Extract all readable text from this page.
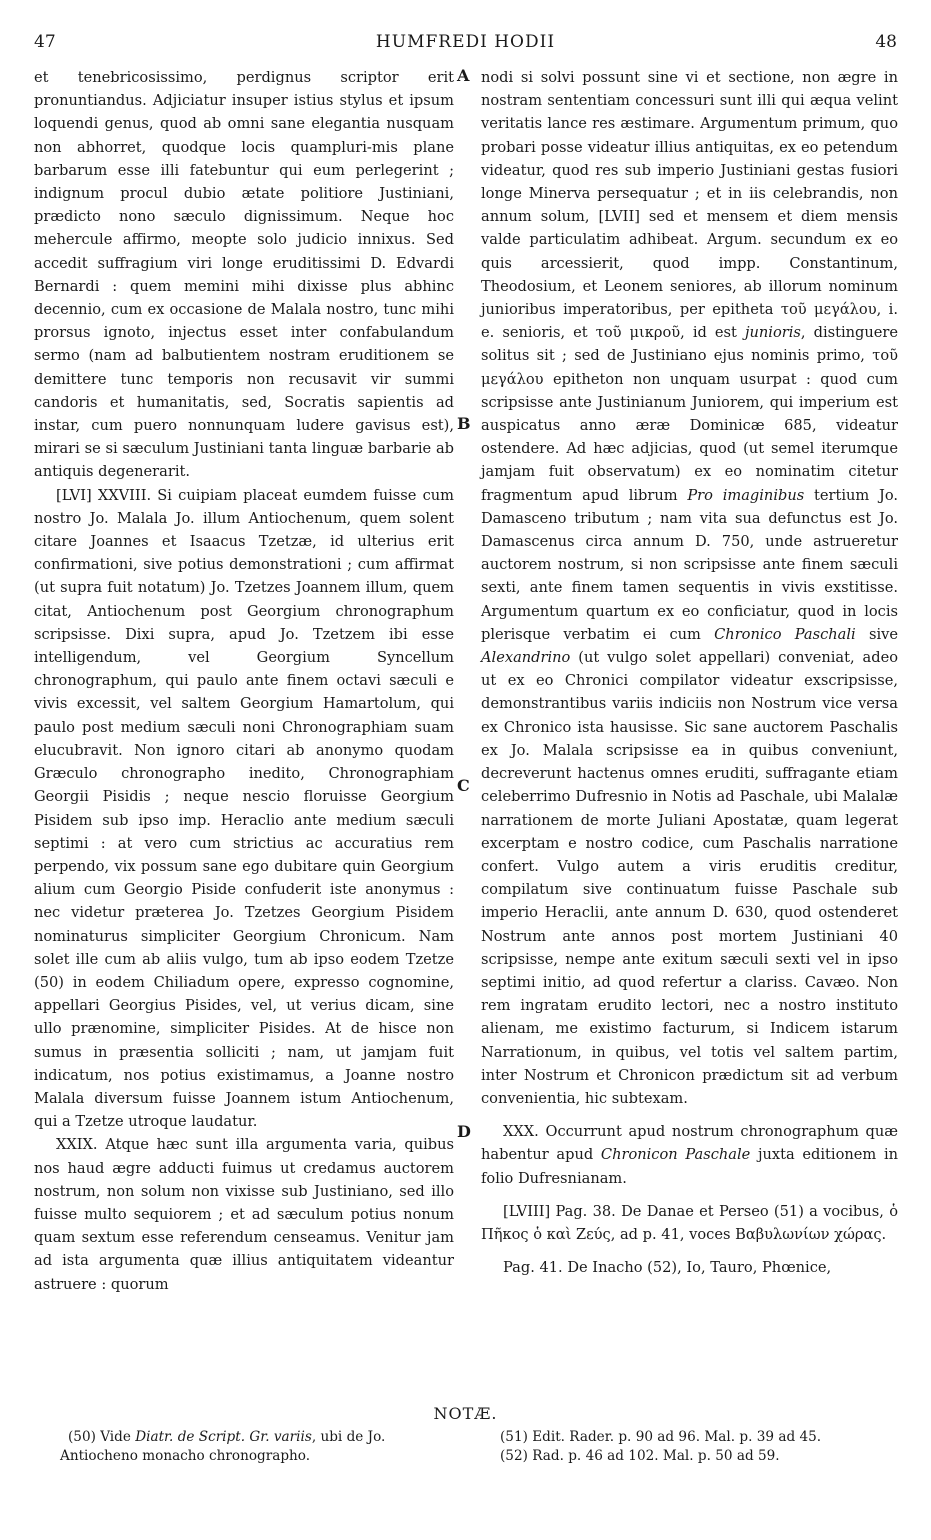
47	HUMFREDI HODII	48

et tenebricosissimo, perdignus scriptor erit pronuntiandus. Adjiciatur insuper istius stylus et ipsum loquendi genus, quod ab omni sane elegantia nusquam non abhorret, quodque locis quampluri-mis plane barbarum esse illi fatebuntur qui eum perlegerint ; indignum procul dubio ætate politiore Justiniani, prædicto nono sæculo dignissimum. Neque hoc mehercule affirmo, meopte solo judicio innixus. Sed accedit suffragium viri longe eruditissimi D. Edvardi Bernardi : quem memini mihi dixisse plus abhinc decennio, cum ex occasione de Malala nostro, tunc mihi prorsus ignoto, injectus esset inter confabulandum sermo (nam ad balbutientem nostram eruditionem se demittere tunc temporis non recusavit vir summi candoris et humanitatis, sed, Socratis sapientis ad instar, cum puero nonnunquam ludere gavisus est), mirari se si sæculum Justiniani tanta linguæ barbarie ab antiquis degenerarit.

[LVI] XXVIII. Si cuipiam placeat eumdem fuisse cum nostro Jo. Malala Jo. illum Antiochenum, quem solent citare Joannes et Isaacus Tzetzæ, id ulterius erit confirmationi, sive potius demonstrationi ; cum affirmat (ut supra fuit notatum) Jo. Tzetzes Joannem illum, quem citat, Antiochenum post Georgium chronographum scripsisse. Dixi supra, apud Jo. Tzetzem ibi esse intelligendum, vel Georgium Syncellum chronographum, qui paulo ante finem octavi sæculi e vivis excessit, vel saltem Georgium Hamartolum, qui paulo post medium sæculi noni Chronographiam suam elucubravit. Non ignoro citari ab anonymo quodam Græculo chronographo inedito, Chronographiam Georgii Pisidis ; neque nescio floruisse Georgium Pisidem sub ipso imp. Heraclio ante medium sæculi septimi : at vero cum strictius ac accuratius rem perpendo, vix possum sane ego dubitare quin Georgium alium cum Georgio Piside confuderit iste anonymus : nec videtur præterea Jo. Tzetzes Georgium Pisidem nominaturus simpliciter Georgium Chronicum. Nam solet ille cum ab aliis vulgo, tum ab ipso eodem Tzetze (50) in eodem Chiliadum opere, expresso cognomine, appellari Georgius Pisides, vel, ut verius dicam, sine ullo prænomine, simpliciter Pisides. At de hisce non sumus in præsentia solliciti ; nam, ut jamjam fuit indicatum, nos potius existimamus, a Joanne nostro Malala diversum fuisse Joannem istum Antiochenum, qui a Tzetze utroque laudatur.

XXIX. Atque hæc sunt illa argumenta varia, quibus nos haud ægre adducti fuimus ut credamus auctorem nostrum, non solum non vixisse sub Justiniano, sed illo fuisse multo sequiorem ; et ad sæculum potius nonum quam sextum esse referendum censeamus. Venitur jam ad ista argumenta quæ illius antiquitatem videantur astruere : quorum

A
B
C
D

nodi si solvi possunt sine vi et sectione, non ægre in nostram sententiam concessuri sunt illi qui æqua velint veritatis lance res æstimare. Argumentum primum, quo probari posse videatur illius antiquitas, ex eo petendum videatur, quod res sub imperio Justiniani gestas fusiori longe Minerva persequatur ; et in iis celebrandis, non annum solum, [LVII] sed et mensem et diem mensis valde particulatim adhibeat. Argum. secundum ex eo quis arcessierit, quod impp. Constantinum, Theodosium, et Leonem seniores, ab illorum nominum junioribus imperatoribus, per epitheta τοῦ μεγάλου, i. e. senioris, et τοῦ μικροῦ, id est junioris, distinguere solitus sit ; sed de Justiniano ejus nominis primo, τοῦ μεγάλου epitheton non unquam usurpat : quod cum scripsisse ante Justinianum Juniorem, qui imperium est auspicatus anno æræ Dominicæ 685, videatur ostendere. Ad hæc adjicias, quod (ut semel iterumque jamjam fuit observatum) ex eo nominatim citetur fragmentum apud librum Pro imaginibus tertium Jo. Damasceno tributum ; nam vita sua defunctus est Jo. Damascenus circa annum D. 750, unde astrueretur auctorem nostrum, si non scripsisse ante finem sæculi sexti, ante finem tamen sequentis in vivis exstitisse. Argumentum quartum ex eo conficiatur, quod in locis plerisque verbatim ei cum Chronico Paschali sive Alexandrino (ut vulgo solet appellari) conveniat, adeo ut ex eo Chronici compilator videatur exscripsisse, demonstrantibus variis indiciis non Nostrum vice versa ex Chronico ista hausisse. Sic sane auctorem Paschalis ex Jo. Malala scripsisse ea in quibus conveniunt, decreverunt hactenus omnes eruditi, suffragante etiam celeberrimo Dufresnio in Notis ad Paschale, ubi Malalæ narrationem de morte Juliani Apostatæ, quam legerat excerptam e nostro codice, cum Paschalis narratione confert. Vulgo autem a viris eruditis creditur, compilatum sive continuatum fuisse Paschale sub imperio Heraclii, ante annum D. 630, quod ostenderet Nostrum ante annos post mortem Justiniani 40 scripsisse, nempe ante exitum sæculi sexti vel in ipso septimi initio, ad quod refertur a clariss. Cavæo. Non rem ingratam erudito lectori, nec a nostro instituto alienam, me existimo facturum, si Indicem istarum Narrationum, in quibus, vel totis vel saltem partim, inter Nostrum et Chronicon prædictum sit ad verbum convenientia, hic subtexam.

XXX. Occurrunt apud nostrum chronographum quæ habentur apud Chronicon Paschale juxta editionem in folio Dufresnianam.

[LVIII] Pag. 38. De Danae et Perseo (51) a vocibus, ὁ Πῆκος ὁ καὶ Ζεύς, ad p. 41, voces Βαβυλωνίων χώρας.

Pag. 41. De Inacho (52), Io, Tauro, Phœnice,

NOTÆ.

(50) Vide Diatr. de Script. Gr. variis, ubi de Jo. Antiocheno monacho chronographo.

(51) Edit. Rader. p. 90 ad 96. Mal. p. 39 ad 45.

(52) Rad. p. 46 ad 102. Mal. p. 50 ad 59.
